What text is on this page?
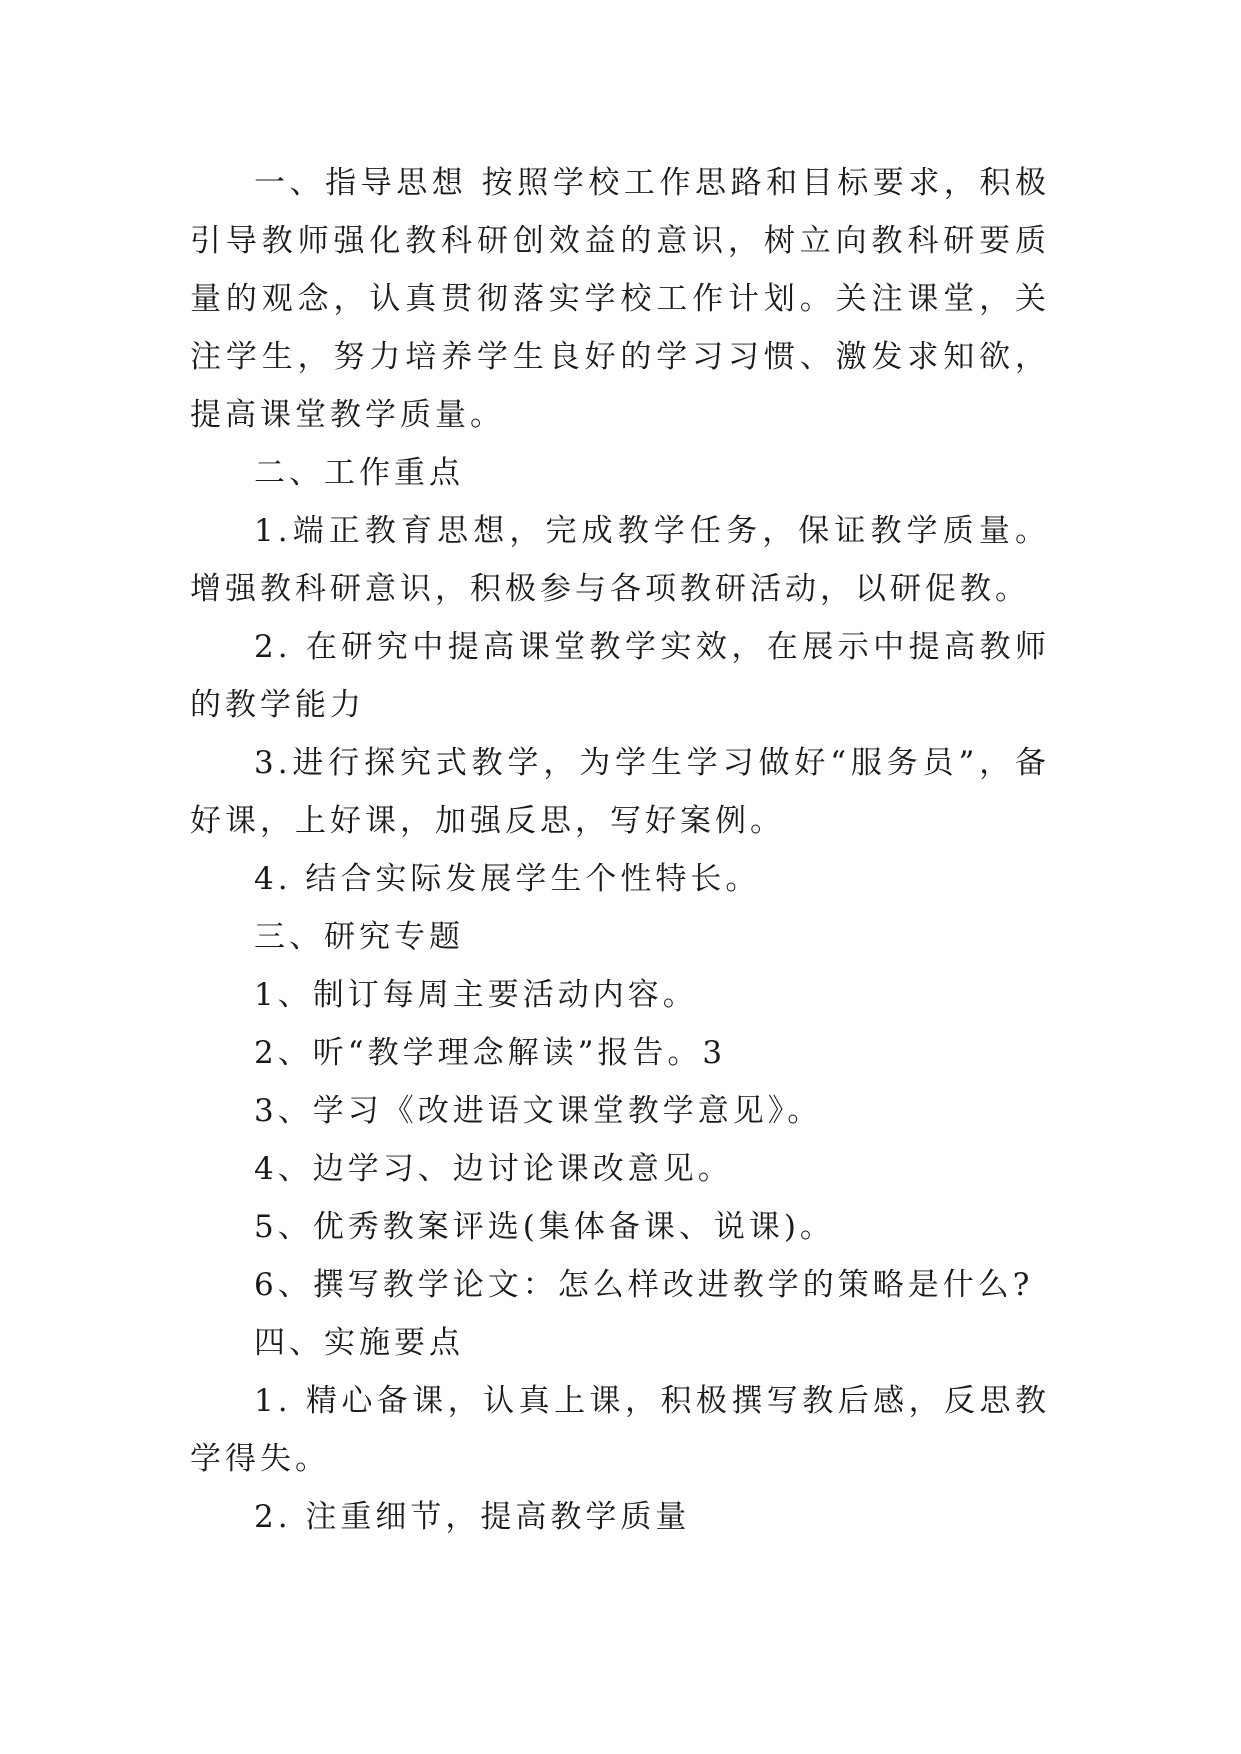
一、指导思想 按照学校工作思路和目标要求，积极引导教师强化教科研创效益的意识，树立向教科研要质量的观念，认真贯彻落实学校工作计划。关注课堂，关注学生，努力培养学生良好的学习习惯、激发求知欲，提高课堂教学质量。

二、工作重点

1.端正教育思想，完成教学任务，保证教学质量。增强教科研意识，积极参与各项教研活动，以研促教。

2. 在研究中提高课堂教学实效，在展示中提高教师的教学能力

3.进行探究式教学，为学生学习做好“服务员”，备好课，上好课，加强反思，写好案例。

4. 结合实际发展学生个性特长。

三、研究专题

1、制订每周主要活动内容。

2、听“教学理念解读”报告。3

3、学习《改进语文课堂教学意见》。

4、边学习、边讨论课改意见。

5、优秀教案评选(集体备课、说课)。

6、撰写教学论文：怎么样改进教学的策略是什么?

四、实施要点

1. 精心备课，认真上课，积极撰写教后感，反思教学得失。

2. 注重细节，提高教学质量
